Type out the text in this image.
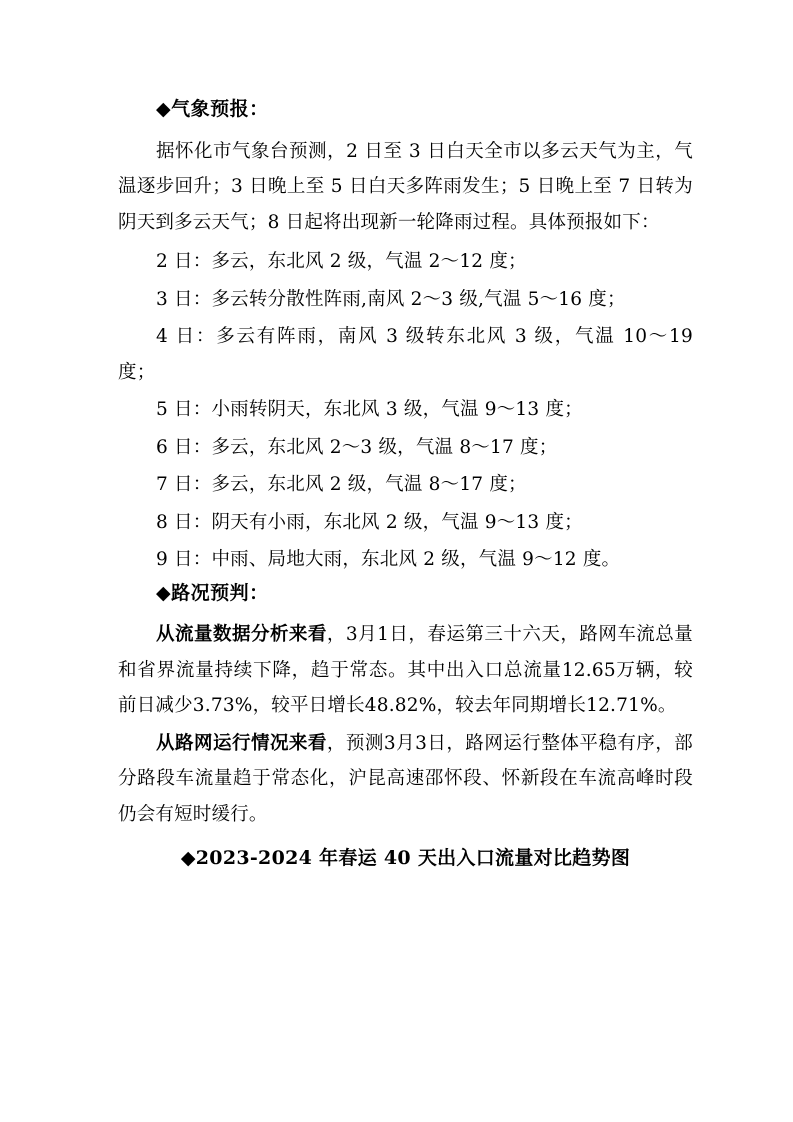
◆气象预报：

据怀化市气象台预测，2 日至 3 日白天全市以多云天气为主，气温逐步回升；3 日晚上至 5 日白天多阵雨发生；5 日晚上至 7 日转为阴天到多云天气；8 日起将出现新一轮降雨过程。具体预报如下：

2 日：多云，东北风 2 级，气温 2～12 度；

3 日：多云转分散性阵雨,南风 2～3 级,气温 5～16 度；

4 日：多云有阵雨，南风 3 级转东北风 3 级，气温 10～19 度；

5 日：小雨转阴天，东北风 3 级，气温 9～13 度；

6 日：多云，东北风 2～3 级，气温 8～17 度；

7 日：多云，东北风 2 级，气温 8～17 度；

8 日：阴天有小雨，东北风 2 级，气温 9～13 度；

9 日：中雨、局地大雨，东北风 2 级，气温 9～12 度。

◆路况预判：

从流量数据分析来看，3月1日，春运第三十六天，路网车流总量和省界流量持续下降，趋于常态。其中出入口总流量12.65万辆，较前日减少3.73%，较平日增长48.82%，较去年同期增长12.71%。

从路网运行情况来看，预测3月3日，路网运行整体平稳有序，部分路段车流量趋于常态化，沪昆高速邵怀段、怀新段在车流高峰时段仍会有短时缓行。

◆2023-2024 年春运 40 天出入口流量对比趋势图
